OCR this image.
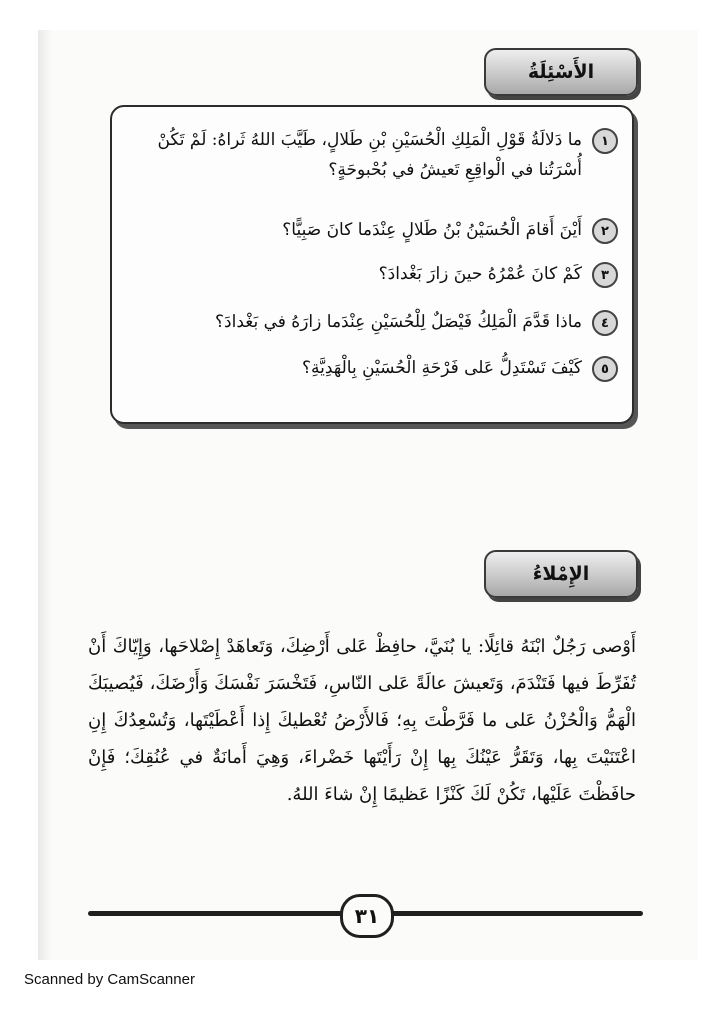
الأَسْئِلَةُ
١
ما دَلالَةُ قَوْلِ الْمَلِكِ الْحُسَيْنِ بْنِ طَلالٍ، طَيَّبَ اللهُ ثَراهُ: لَمْ تَكُنْ أُسْرَتُنا في الْواقِعِ تَعيشُ في بُحْبوحَةٍ؟
٢
أَيْنَ أَقامَ الْحُسَيْنُ بْنُ طَلالٍ عِنْدَما كانَ صَبِيًّا؟
٣
كَمْ كانَ عُمْرُهُ حينَ زارَ بَغْدادَ؟
٤
ماذا قَدَّمَ الْمَلِكُ فَيْصَلٌ لِلْحُسَيْنِ عِنْدَما زارَهُ في بَغْدادَ؟
٥
كَيْفَ تَسْتَدِلُّ عَلى فَرْحَةِ الْحُسَيْنِ بِالْهَدِيَّةِ؟
الإِمْلاءُ
أَوْصى رَجُلٌ ابْنَهُ قائِلًا: يا بُنَيَّ، حافِظْ عَلى أَرْضِكَ، وَتَعاهَدْ إِصْلاحَها، وَإِيّاكَ أَنْ تُفَرِّطَ فيها فَتَنْدَمَ، وَتَعيشَ عالَةً عَلى النّاسِ، فَتَخْسَرَ نَفْسَكَ وَأَرْضَكَ، فَيُصيبَكَ الْهَمُّ وَالْحُزْنُ عَلى ما فَرَّطْتَ بِهِ؛ فَالأَرْضُ تُعْطيكَ إِذا أَعْطَيْتَها، وَتُسْعِدُكَ إِنِ اعْتَنَيْتَ بِها، وَتَقَرُّ عَيْنُكَ بِها إِنْ رَأَيْتَها خَضْراءَ، وَهِيَ أَمانَةٌ في عُنُقِكَ؛ فَإِنْ حافَظْتَ عَلَيْها، تَكُنْ لَكَ كَنْزًا عَظيمًا إِنْ شاءَ اللهُ.
٣١
Scanned by CamScanner
